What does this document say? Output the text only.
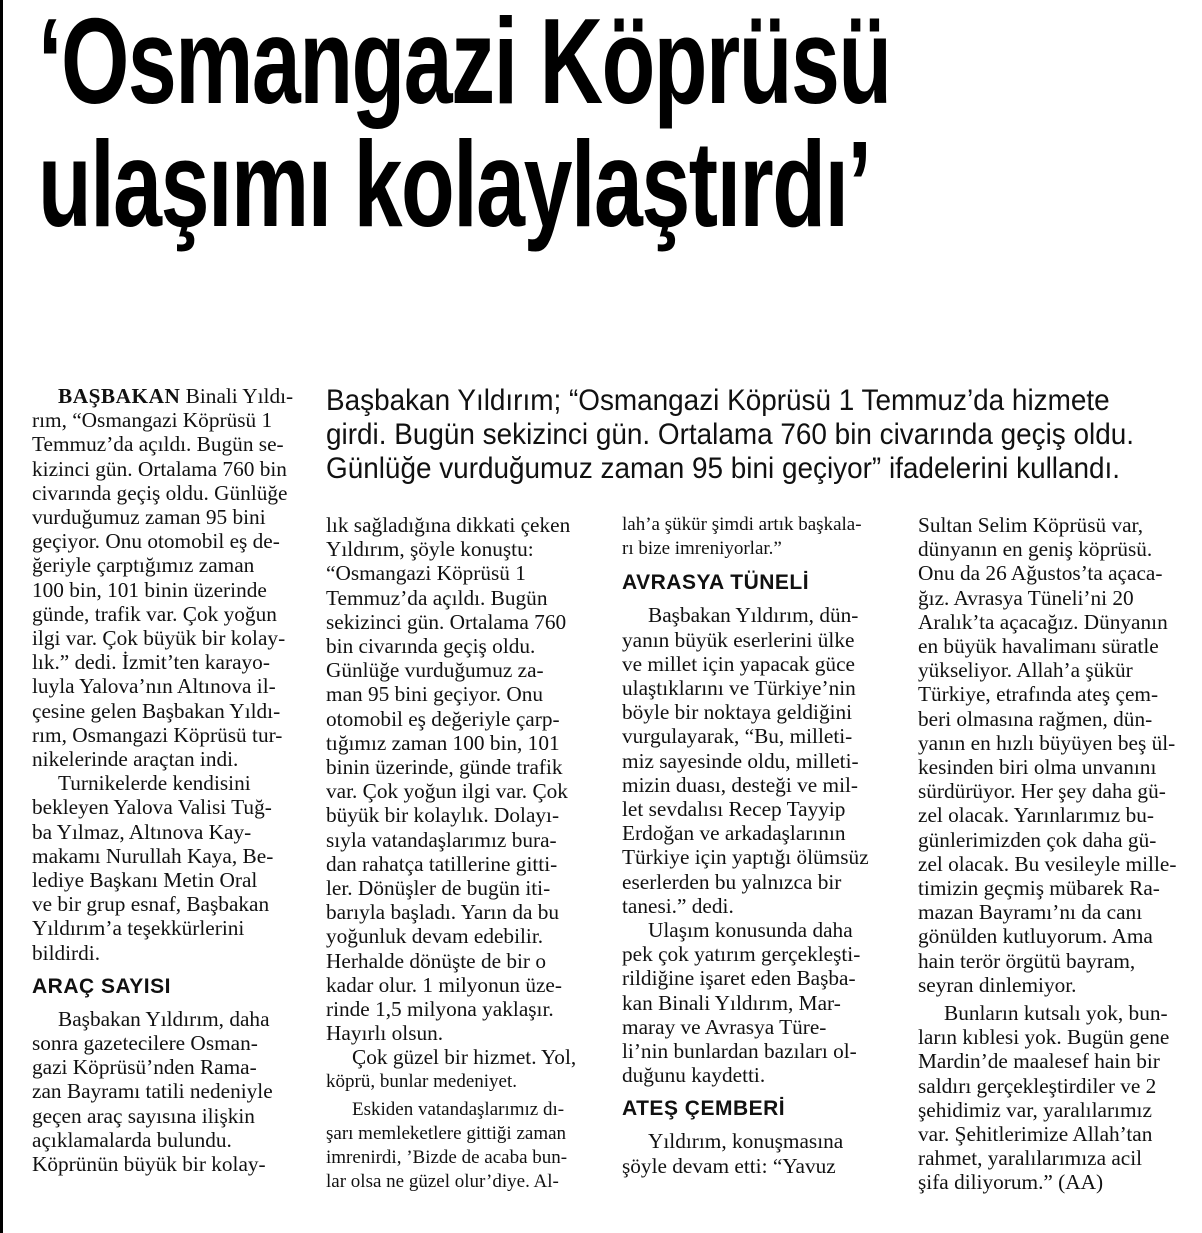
‘Osmangazi Köprüsü
ulaşımı kolaylaştırdı’
Başbakan Yıldırım; “Osmangazi Köprüsü 1 Temmuz’da hizmete
girdi. Bugün sekizinci gün. Ortalama 760 bin civarında geçiş oldu.
Günlüğe vurduğumuz zaman 95 bini geçiyor” ifadelerini kullandı.
BAŞBAKAN Binali Yıldı-
rım, “Osmangazi Köprüsü 1
Temmuz’da açıldı. Bugün se-
kizinci gün. Ortalama 760 bin
civarında geçiş oldu. Günlüğe
vurduğumuz zaman 95 bini
geçiyor. Onu otomobil eş de-
ğeriyle çarptığımız zaman
100 bin, 101 binin üzerinde
günde, trafik var. Çok yoğun
ilgi var. Çok büyük bir kolay-
lık.” dedi. İzmit’ten karayo-
luyla Yalova’nın Altınova il-
çesine gelen Başbakan Yıldı-
rım, Osmangazi Köprüsü tur-
nikelerinde araçtan indi.
Turnikelerde kendisini
bekleyen Yalova Valisi Tuğ-
ba Yılmaz, Altınova Kay-
makamı Nurullah Kaya, Be-
lediye Başkanı Metin Oral
ve bir grup esnaf, Başbakan
Yıldırım’a teşekkürlerini
bildirdi.
ARAÇ SAYISI
Başbakan Yıldırım, daha
sonra gazetecilere Osman-
gazi Köprüsü’nden Rama-
zan Bayramı tatili nedeniyle
geçen araç sayısına ilişkin
açıklamalarda bulundu.
Köprünün büyük bir kolay-
lık sağladığına dikkati çeken
Yıldırım, şöyle konuştu:
“Osmangazi Köprüsü 1
Temmuz’da açıldı. Bugün
sekizinci gün. Ortalama 760
bin civarında geçiş oldu.
Günlüğe vurduğumuz za-
man 95 bini geçiyor. Onu
otomobil eş değeriyle çarp-
tığımız zaman 100 bin, 101
binin üzerinde, günde trafik
var. Çok yoğun ilgi var. Çok
büyük bir kolaylık. Dolayı-
sıyla vatandaşlarımız bura-
dan rahatça tatillerine gitti-
ler. Dönüşler de bugün iti-
barıyla başladı. Yarın da bu
yoğunluk devam edebilir.
Herhalde dönüşte de bir o
kadar olur. 1 milyonun üze-
rinde 1,5 milyona yaklaşır.
Hayırlı olsun.
Çok güzel bir hizmet. Yol,
köprü, bunlar medeniyet.
Eskiden vatandaşlarımız dı-
şarı memleketlere gittiği zaman
imrenirdi, ’Bizde de acaba bun-
lar olsa ne güzel olur’diye. Al-
lah’a şükür şimdi artık başkala-
rı bize imreniyorlar.”
AVRASYA TÜNELİ
Başbakan Yıldırım, dün-
yanın büyük eserlerini ülke
ve millet için yapacak güce
ulaştıklarını ve Türkiye’nin
böyle bir noktaya geldiğini
vurgulayarak, “Bu, milleti-
miz sayesinde oldu, milleti-
mizin duası, desteği ve mil-
let sevdalısı Recep Tayyip
Erdoğan ve arkadaşlarının
Türkiye için yaptığı ölümsüz
eserlerden bu yalnızca bir
tanesi.” dedi.
Ulaşım konusunda daha
pek çok yatırım gerçekleşti-
rildiğine işaret eden Başba-
kan Binali Yıldırım, Mar-
maray ve Avrasya Türe-
li’nin bunlardan bazıları ol-
duğunu kaydetti.
ATEŞ ÇEMBERİ
Yıldırım, konuşmasına
şöyle devam etti: “Yavuz
Sultan Selim Köprüsü var,
dünyanın en geniş köprüsü.
Onu da 26 Ağustos’ta açaca-
ğız. Avrasya Tüneli’ni 20
Aralık’ta açacağız. Dünyanın
en büyük havalimanı süratle
yükseliyor. Allah’a şükür
Türkiye, etrafında ateş çem-
beri olmasına rağmen, dün-
yanın en hızlı büyüyen beş ül-
kesinden biri olma unvanını
sürdürüyor. Her şey daha gü-
zel olacak. Yarınlarımız bu-
günlerimizden çok daha gü-
zel olacak. Bu vesileyle mille-
timizin geçmiş mübarek Ra-
mazan Bayramı’nı da canı
gönülden kutluyorum. Ama
hain terör örgütü bayram,
seyran dinlemiyor.
Bunların kutsalı yok, bun-
ların kıblesi yok. Bugün gene
Mardin’de maalesef hain bir
saldırı gerçekleştirdiler ve 2
şehidimiz var, yaralılarımız
var. Şehitlerimize Allah’tan
rahmet, yaralılarımıza acil
şifa diliyorum.” (AA)
